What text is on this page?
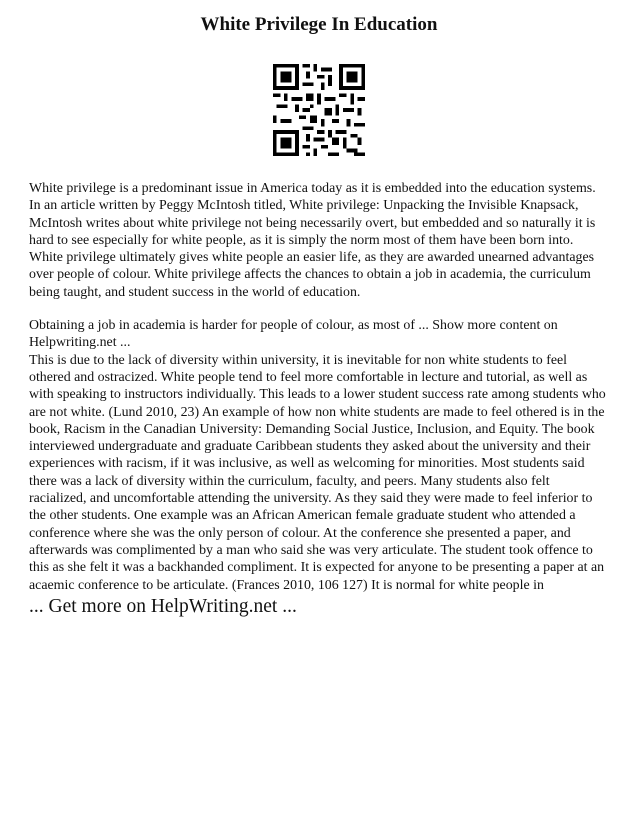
White Privilege In Education

White privilege is a predominant issue in America today as it is embedded into the education systems. In an article written by Peggy McIntosh titled, White privilege: Unpacking the Invisible Knapsack, McIntosh writes about white privilege not being necessarily overt, but embedded and so naturally it is hard to see especially for white people, as it is simply the norm most of them have been born into. White privilege ultimately gives white people an easier life, as they are awarded unearned advantages over people of colour. White privilege affects the chances to obtain a job in academia, the curriculum being taught, and student success in the world of education.

Obtaining a job in academia is harder for people of colour, as most of ... Show more content on Helpwriting.net ...

This is due to the lack of diversity within university, it is inevitable for non white students to feel othered and ostracized. White people tend to feel more comfortable in lecture and tutorial, as well as with speaking to instructors individually. This leads to a lower student success rate among students who are not white. (Lund 2010, 23) An example of how non white students are made to feel othered is in the book, Racism in the Canadian University: Demanding Social Justice, Inclusion, and Equity. The book interviewed undergraduate and graduate Caribbean students they asked about the university and their experiences with racism, if it was inclusive, as well as welcoming for minorities. Most students said there was a lack of diversity within the curriculum, faculty, and peers. Many students also felt racialized, and uncomfortable attending the university. As they said they were made to feel inferior to the other students. One example was an African American female graduate student who attended a conference where she was the only person of colour. At the conference she presented a paper, and afterwards was complimented by a man who said she was very articulate. The student took offence to this as she felt it was a backhanded compliment. It is expected for anyone to be presenting a paper at an acaemic conference to be articulate. (Frances 2010, 106 127) It is normal for white people in

... Get more on HelpWriting.net ...
